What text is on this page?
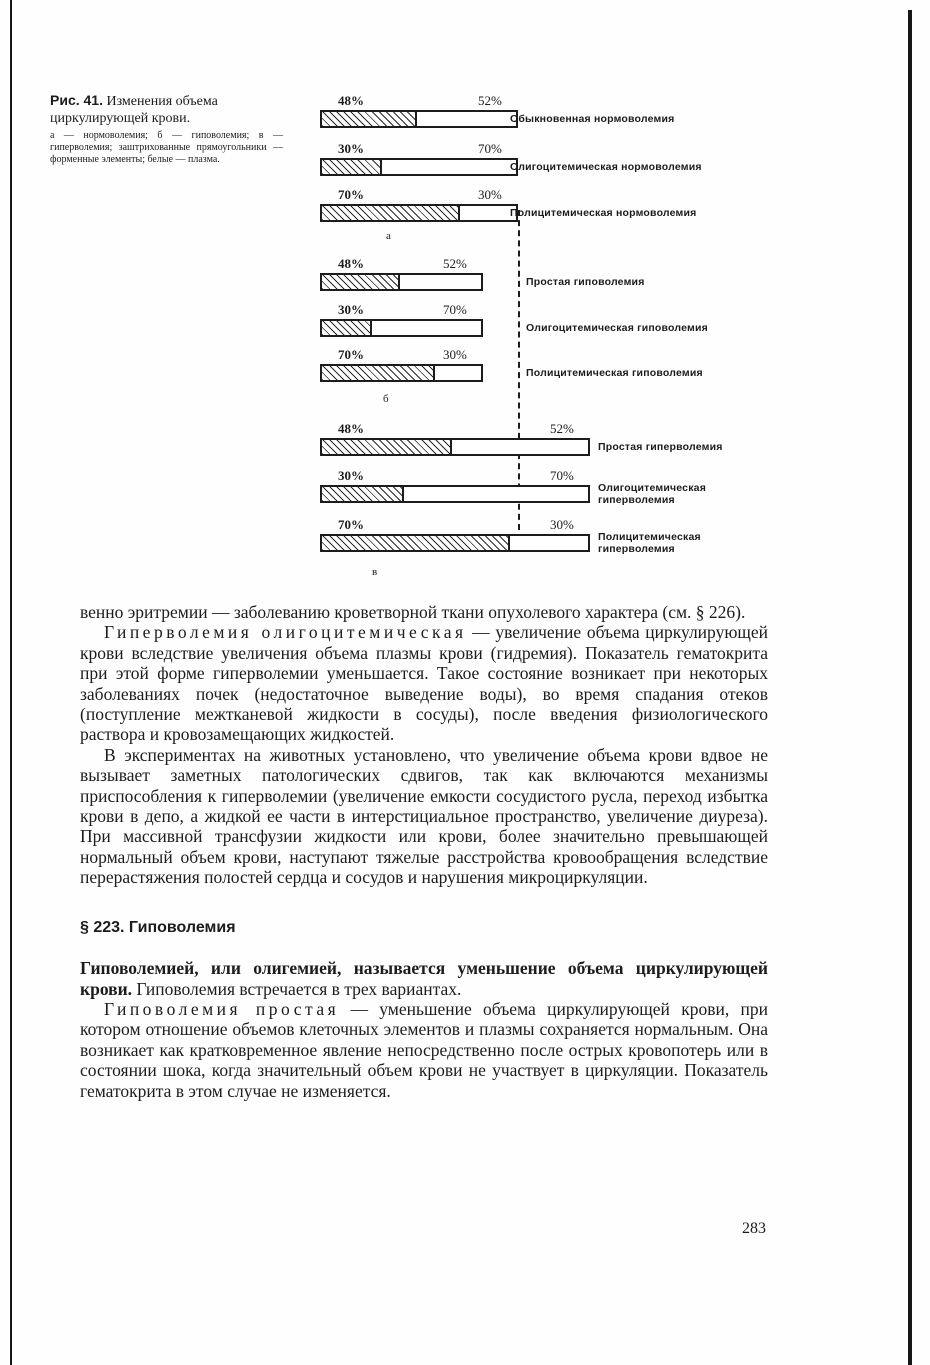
Рис. 41. Изменения объема циркулирующей крови.

а — нормоволемия; б — гиповолемия; в — гиперволемия; заштрихованные прямоугольники — форменные элементы; белые — плазма.

48%	52%
Обыкновенная нормоволемия
30%	70%
Олигоцитемическая нормоволемия
70%	30%
Полицитемическая нормоволемия
а
48%	52%
Простая гиповолемия
30%	70%
Олигоцитемическая гиповолемия
70%	30%
Полицитемическая гиповолемия
б
48%	52%
Простая гиперволемия
30%	70%
Олигоцитемическая гиперволемия
70%	30%
Полицитемическая гиперволемия
в

венно эритремии — заболеванию кроветворной ткани опухолевого характера (см. § 226).

Гиперволемия олигоцитемическая — увеличение объема циркулирующей крови вследствие увеличения объема плазмы крови (гидремия). Показатель гематокрита при этой форме гиперволемии уменьшается. Такое состояние возникает при некоторых заболеваниях почек (недостаточное выведение воды), во время спадания отеков (поступление межтканевой жидкости в сосуды), после введения физиологического раствора и кровозамещающих жидкостей.

В экспериментах на животных установлено, что увеличение объема крови вдвое не вызывает заметных патологических сдвигов, так как включаются механизмы приспособления к гиперволемии (увеличение емкости сосудистого русла, переход избытка крови в депо, а жидкой ее части в интерстициальное пространство, увеличение диуреза). При массивной трансфузии жидкости или крови, более значительно превышающей нормальный объем крови, наступают тяжелые расстройства кровообращения вследствие перерастяжения полостей сердца и сосудов и нарушения микроциркуляции.

§ 223. Гиповолемия

Гиповолемией, или олигемией, называется уменьшение объема циркулирующей крови. Гиповолемия встречается в трех вариантах.

Гиповолемия простая — уменьшение объема циркулирующей крови, при котором отношение объемов клеточных элементов и плазмы сохраняется нормальным. Она возникает как кратковременное явление непосредственно после острых кровопотерь или в состоянии шока, когда значительный объем крови не участвует в циркуляции. Показатель гематокрита в этом случае не изменяется.

283
